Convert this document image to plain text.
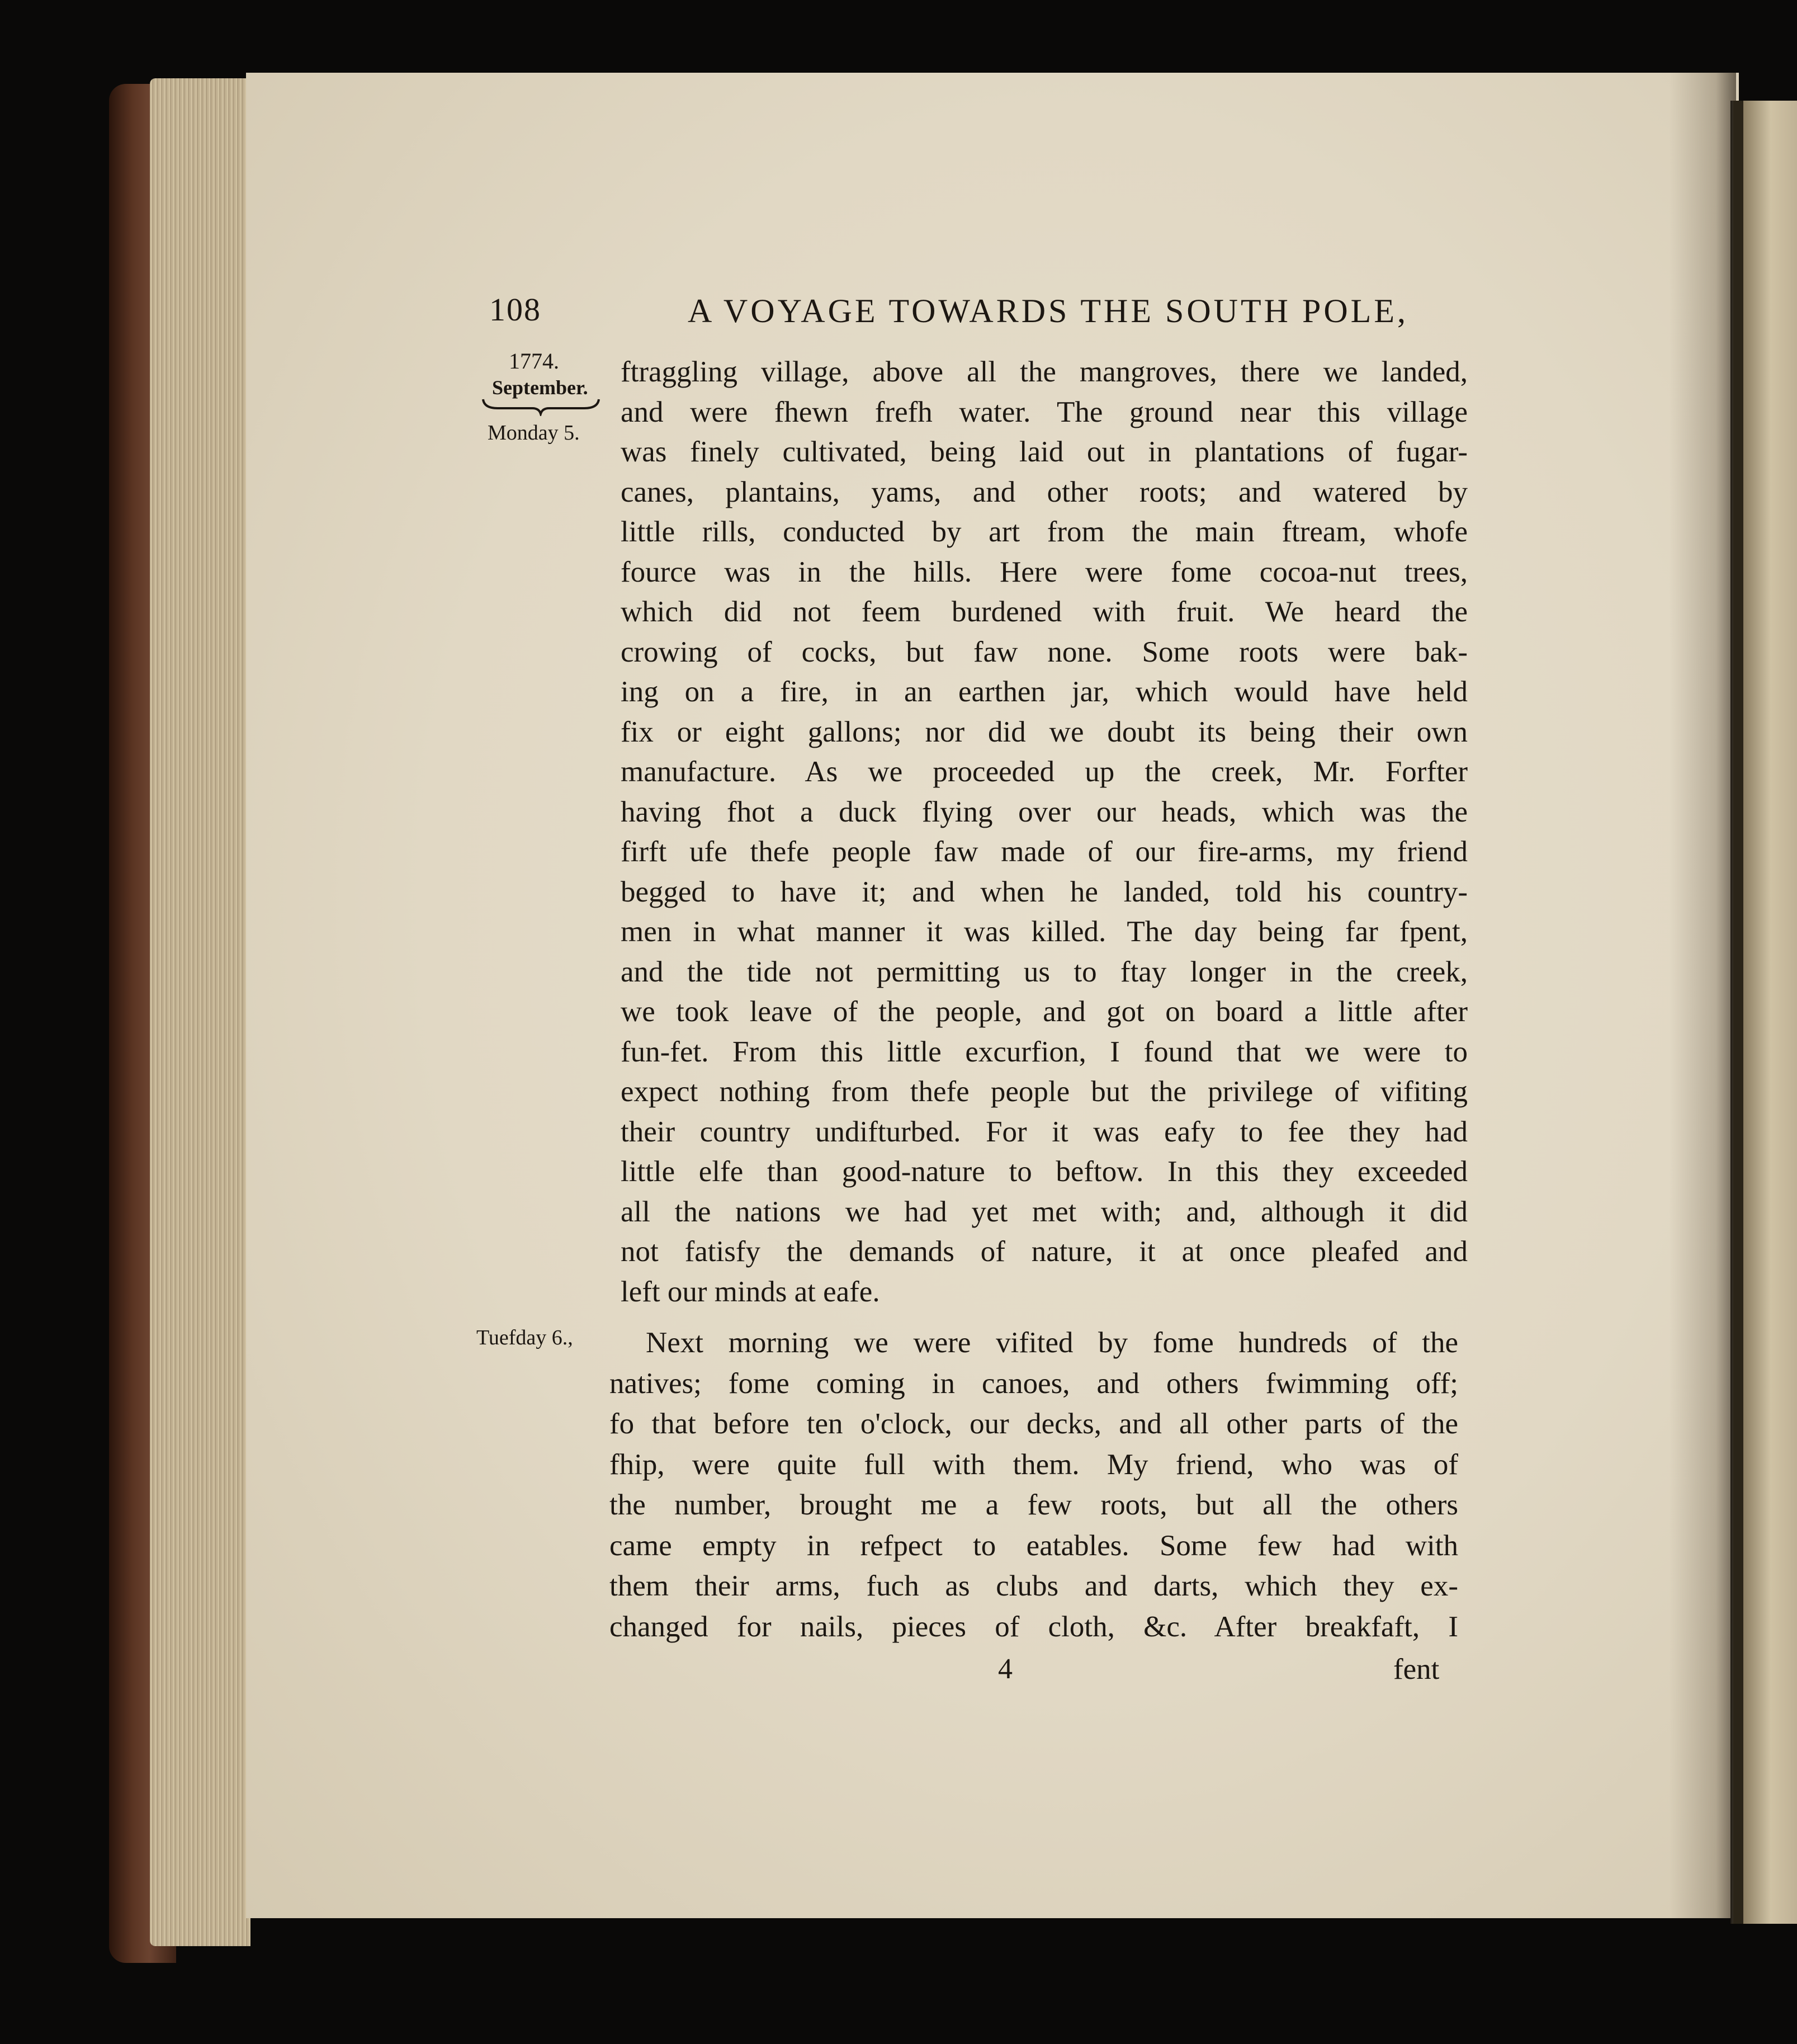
108	A VOYAGE TOWARDS THE SOUTH POLE,
1774.
September.
Monday 5.
Tuefday 6.,
ftraggling village, above all the mangroves, there we landed,
and were fhewn frefh water. The ground near this village
was finely cultivated, being laid out in plantations of fugar-
canes, plantains, yams, and other roots; and watered by
little rills, conducted by art from the main ftream, whofe
fource was in the hills. Here were fome cocoa-nut trees,
which did not feem burdened with fruit. We heard the
crowing of cocks, but faw none. Some roots were bak-
ing on a fire, in an earthen jar, which would have held
fix or eight gallons; nor did we doubt its being their own
manufacture. As we proceeded up the creek, Mr. Forfter
having fhot a duck flying over our heads, which was the
firft ufe thefe people faw made of our fire-arms, my friend
begged to have it; and when he landed, told his country-
men in what manner it was killed. The day being far fpent,
and the tide not permitting us to ftay longer in the creek,
we took leave of the people, and got on board a little after
fun-fet. From this little excurfion, I found that we were to
expect nothing from thefe people but the privilege of vifiting
their country undifturbed. For it was eafy to fee they had
little elfe than good-nature to beftow. In this they exceeded
all the nations we had yet met with; and, although it did
not fatisfy the demands of nature, it at once pleafed and
left our minds at eafe.
Next morning we were vifited by fome hundreds of the
natives; fome coming in canoes, and others fwimming off;
fo that before ten o'clock, our decks, and all other parts of the
fhip, were quite full with them. My friend, who was of
the number, brought me a few roots, but all the others
came empty in refpect to eatables. Some few had with
them their arms, fuch as clubs and darts, which they ex-
changed for nails, pieces of cloth, &c. After breakfaft, I
4	fent
